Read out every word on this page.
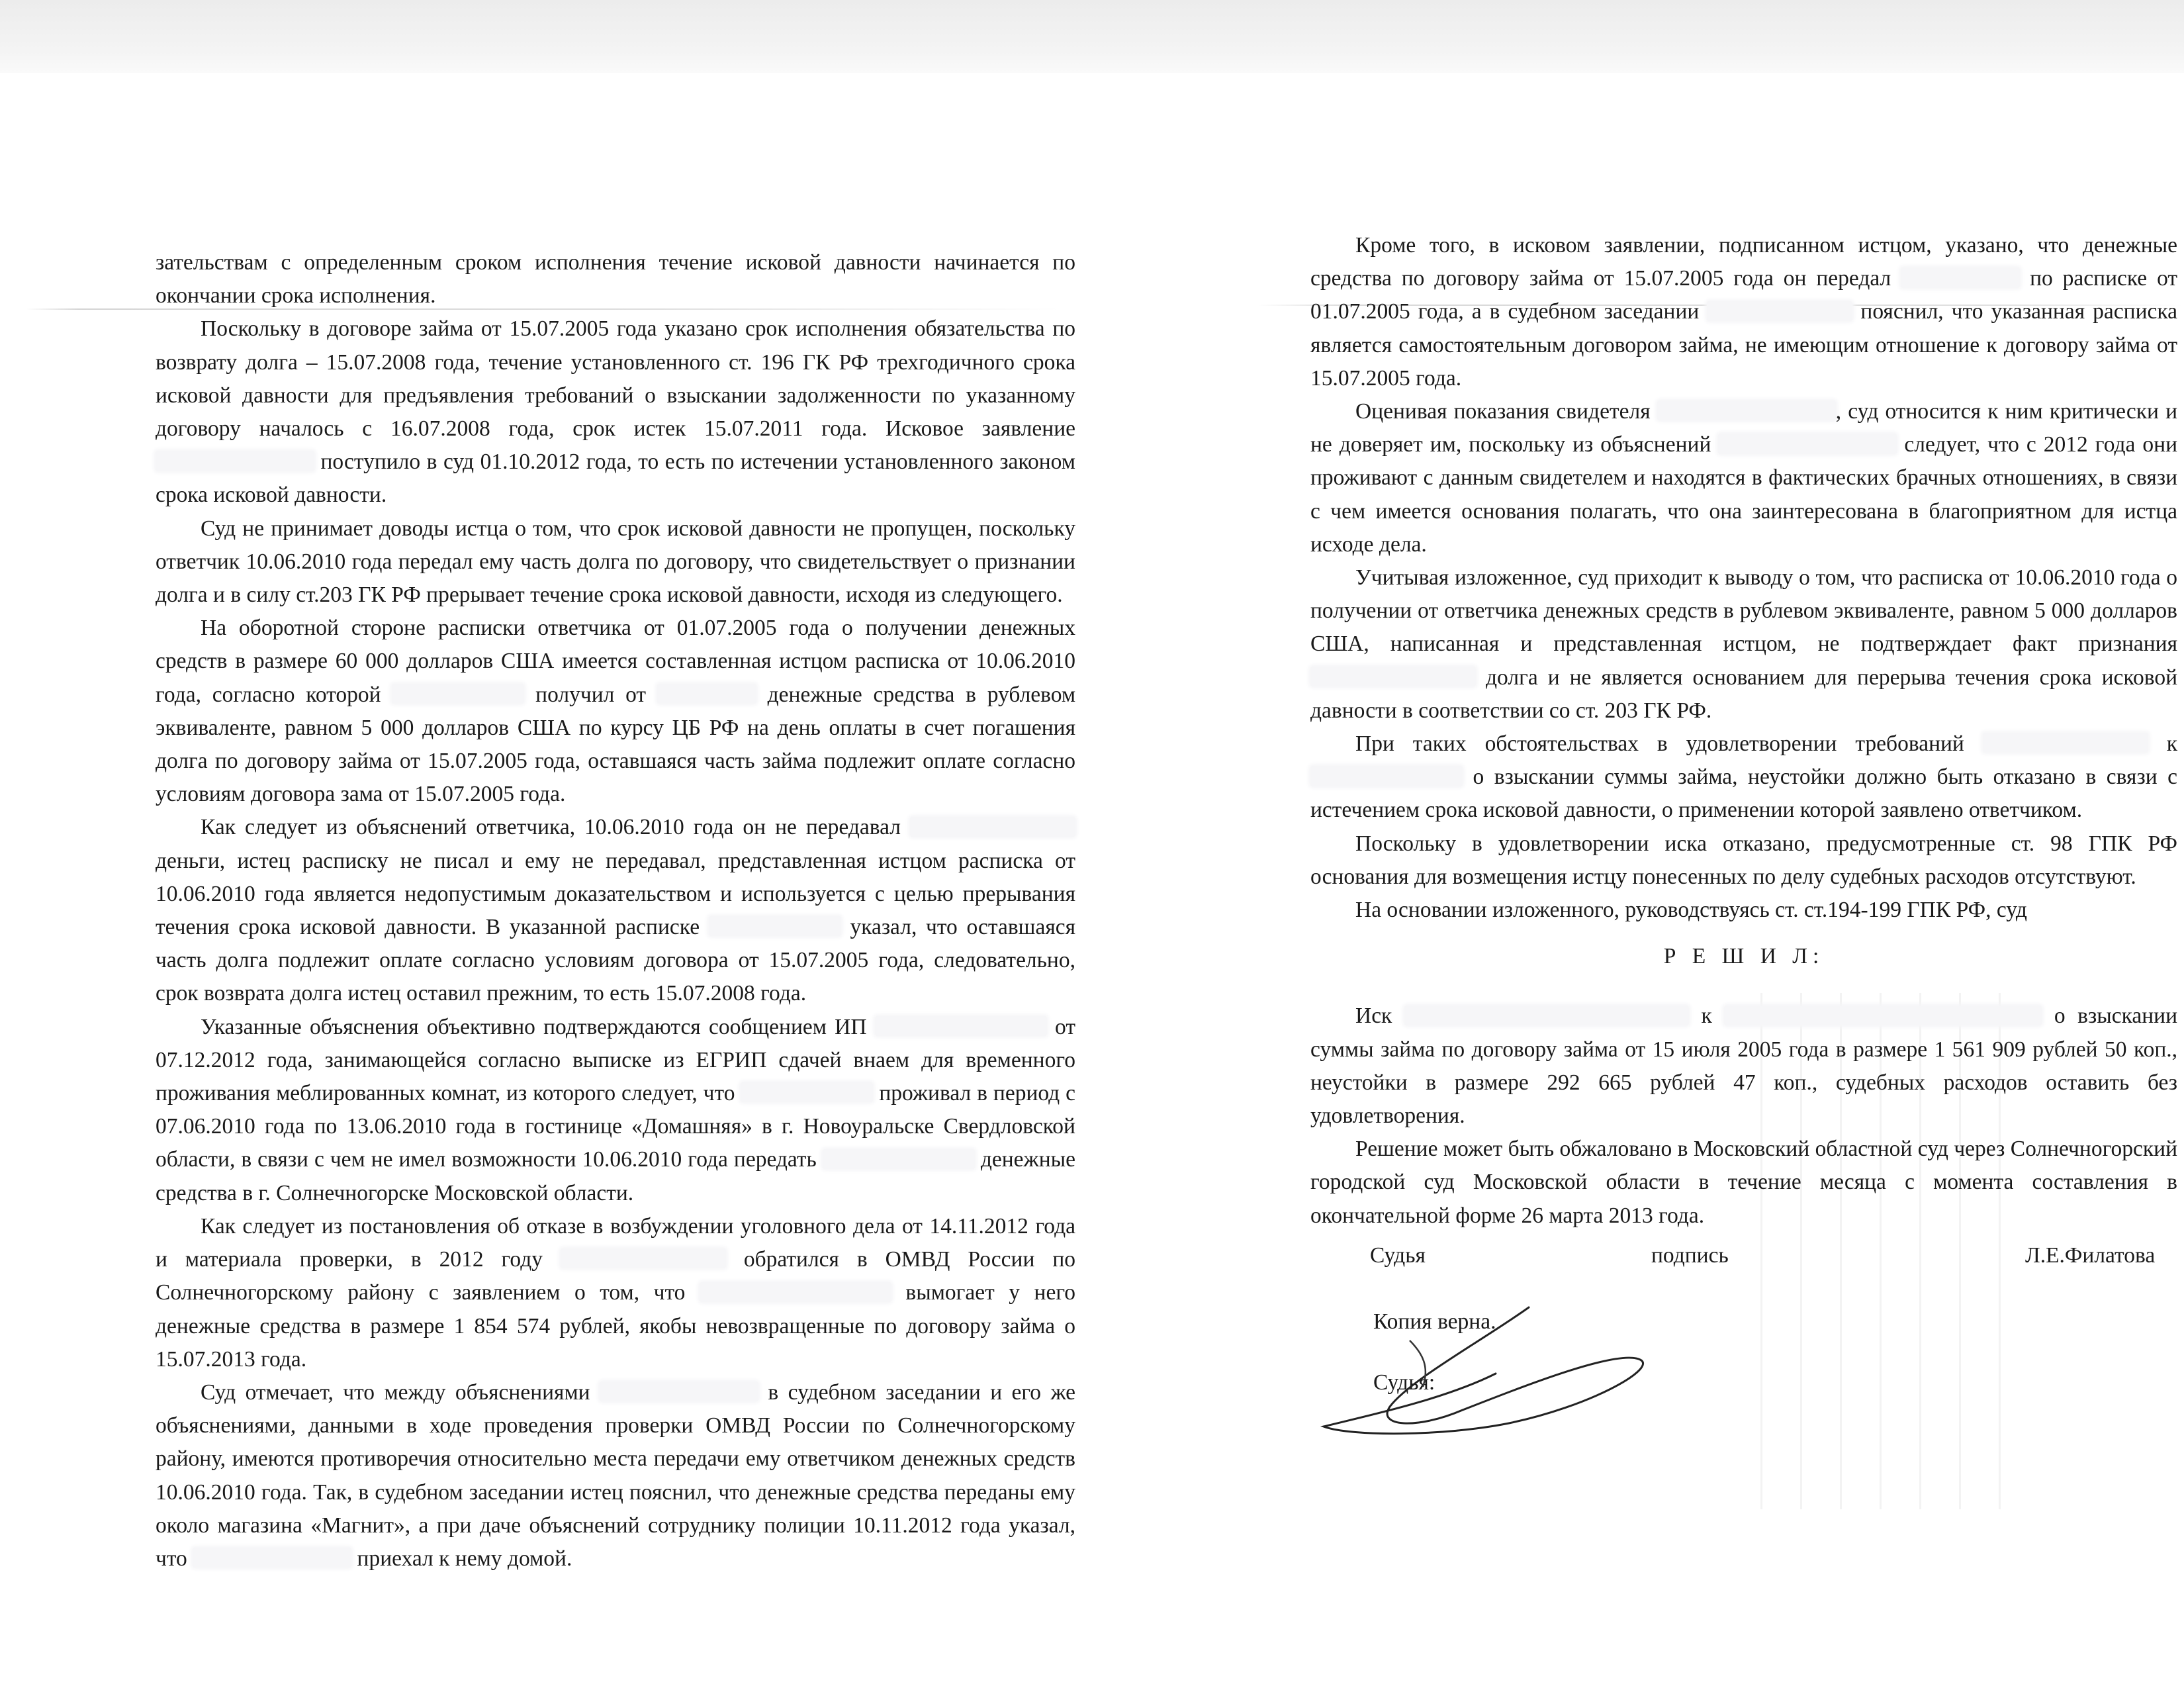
зательствам с определенным сроком исполнения течение исковой давности начинается по окончании срока исполнения.

Поскольку в договоре займа от 15.07.2005 года указано срок исполнения обязательства по возврату долга – 15.07.2008 года, течение установленного ст. 196 ГК РФ трехгодичного срока исковой давности для предъявления требований о взыскании задолженности по указанному договору началось с 16.07.2008 года, срок истек 15.07.2011 года. Исковое заявление  поступило в суд 01.10.2012 года, то есть по истечении установленного законом срока исковой давности.

Суд не принимает доводы истца о том, что срок исковой давности не пропущен, поскольку ответчик 10.06.2010 года передал ему часть долга по договору, что свидетельствует о признании долга и в силу ст.203 ГК РФ прерывает течение срока исковой давности, исходя из следующего.

На оборотной стороне расписки ответчика от 01.07.2005 года о получении денежных средств в размере 60 000 долларов США имеется составленная истцом расписка от 10.06.2010 года, согласно которой	получил от	денежные средства в рублевом эквиваленте, равном 5 000 долларов США по курсу ЦБ РФ на день оплаты в счет погашения долга по договору займа от 15.07.2005 года, оставшаяся часть займа подлежит оплате согласно условиям договора зама от 15.07.2005 года.

Как следует из объяснений ответчика, 10.06.2010 года он не передавал  деньги, истец расписку не писал и ему не передавал, представленная истцом расписка от 10.06.2010 года является недопустимым доказательством и используется с целью прерывания течения срока исковой давности. В указанной расписке	указал, что оставшаяся часть долга подлежит оплате согласно условиям договора от 15.07.2005 года, следовательно, срок возврата долга истец оставил прежним, то есть 15.07.2008 года.

Указанные объяснения объективно подтверждаются сообщением ИП	от 07.12.2012 года, занимающейся согласно выписке из ЕГРИП сдачей внаем для временного проживания меблированных комнат, из которого следует, что	проживал в период с 07.06.2010 года по 13.06.2010 года в гостинице «Домашняя» в г. Новоуральске Свердловской области, в связи с чем не имел возможности 10.06.2010 года передать	денежные средства в г. Солнечногорске Московской области.

Как следует из постановления об отказе в возбуждении уголовного дела от 14.11.2012 года и материала проверки, в 2012 году	обратился в ОМВД России по Солнечногорскому району с заявлением о том, что	вымогает у него денежные средства в размере 1 854 574 рублей, якобы невозвращенные по договору займа о 15.07.2013 года.

Суд отмечает, что между объяснениями	в судебном заседании и его же объяснениями, данными в ходе проведения проверки ОМВД России по Солнечногорскому району, имеются противоречия относительно места передачи ему ответчиком денежных средств 10.06.2010 года. Так, в судебном заседании истец пояснил, что денежные средства переданы ему около магазина «Магнит», а при даче объяснений сотруднику полиции 10.11.2012 года указал, что	приехал к нему домой.

Кроме того, в исковом заявлении, подписанном истцом, указано, что денежные средства по договору займа от 15.07.2005 года он передал	по расписке от 01.07.2005 года, а в судебном заседании	пояснил, что указанная расписка является самостоятельным договором займа, не имеющим отношение к договору займа от 15.07.2005 года.

Оценивая показания свидетеля	, суд относится к ним критически и не доверяет им, поскольку из объяснений	следует, что с 2012 года они проживают с данным свидетелем и находятся в фактических брачных отношениях, в связи с чем имеется основания полагать, что она заинтересована в благоприятном для истца исходе дела.

Учитывая изложенное, суд приходит к выводу о том, что расписка от 10.06.2010 года о получении от ответчика денежных средств в рублевом эквиваленте, равном 5 000 долларов США, написанная и представленная истцом, не подтверждает факт признания  долга и не является основанием для перерыва течения срока исковой давности в соответствии со ст. 203 ГК РФ.

При таких обстоятельствах в удовлетворении требований	к  о взыскании суммы займа, неустойки должно быть отказано в связи с истечением срока исковой давности, о применении которой заявлено ответчиком.

Поскольку в удовлетворении иска отказано, предусмотренные ст. 98 ГПК РФ основания для возмещения истцу понесенных по делу судебных расходов отсутствуют.

На основании изложенного, руководствуясь ст. ст.194-199 ГПК РФ, суд

Р Е Ш И Л:

Иск	к	о взыскании суммы займа по договору займа от 15 июля 2005 года в размере 1 561 909 рублей 50 коп., неустойки в размере 292 665 рублей 47 коп., судебных расходов оставить без удовлетворения.

Решение может быть обжаловано в Московский областной суд через Солнечногорский городской суд Московской области в течение месяца с момента составления в окончательной форме 26 марта 2013 года.

Судья	подпись	Л.Е.Филатова
Копия верна.
Судья:
